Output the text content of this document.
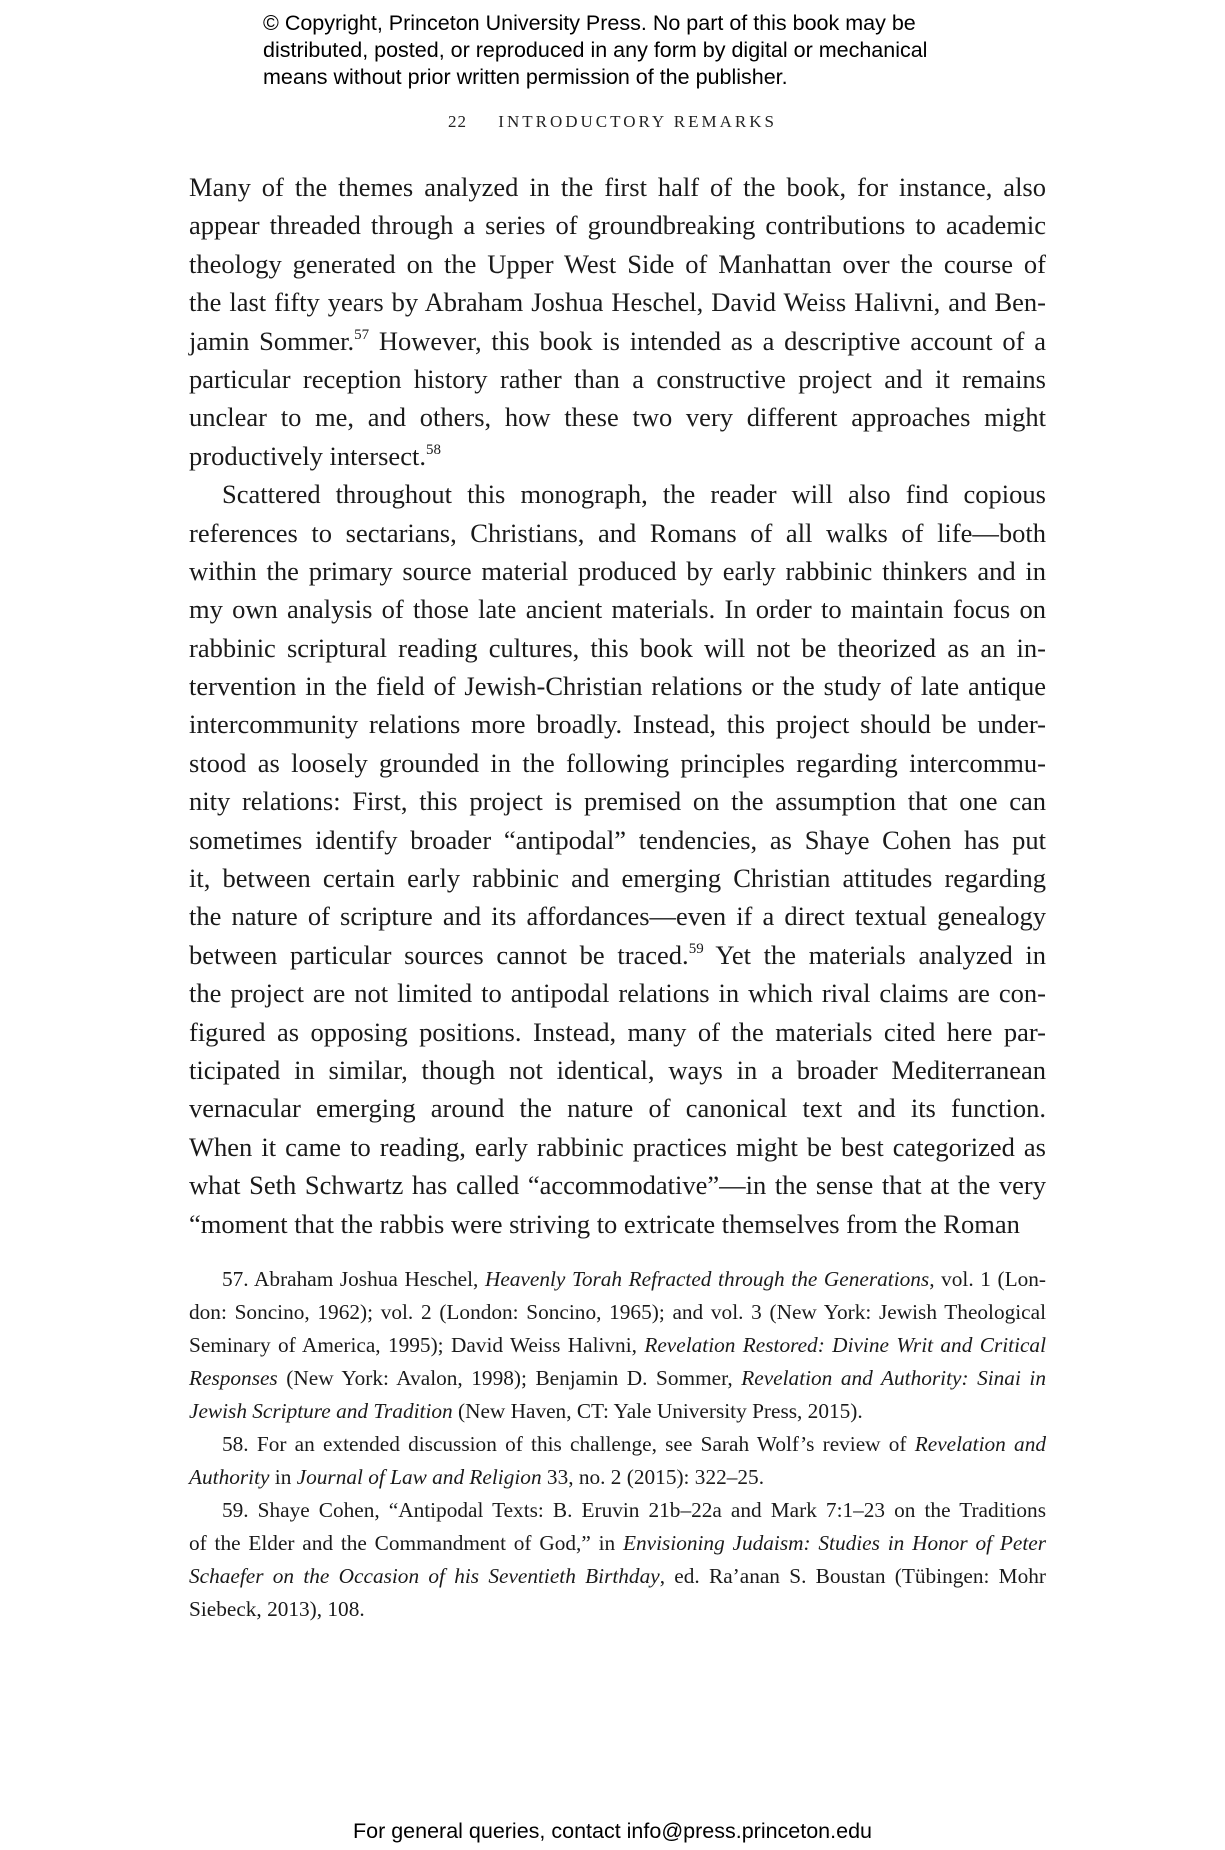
© Copyright, Princeton University Press. No part of this book may be
distributed, posted, or reproduced in any form by digital or mechanical
means without prior written permission of the publisher.
22 INTRODUCTORY REMARKS
Many of the themes analyzed in the first half of the book, for instance, also
appear threaded through a series of groundbreaking contributions to academic
theology generated on the Upper West Side of Manhattan over the course of
the last fifty years by Abraham Joshua Heschel, David Weiss Halivni, and Ben-
jamin Sommer.$^{57}$ However, this book is intended as a descriptive account of a
particular reception history rather than a constructive project and it remains
unclear to me, and others, how these two very different approaches might
productively intersect.$^{58}$
Scattered throughout this monograph, the reader will also find copious
references to sectarians, Christians, and Romans of all walks of life—both
within the primary source material produced by early rabbinic thinkers and in
my own analysis of those late ancient materials. In order to maintain focus on
rabbinic scriptural reading cultures, this book will not be theorized as an in-
tervention in the field of Jewish-Christian relations or the study of late antique
intercommunity relations more broadly. Instead, this project should be under-
stood as loosely grounded in the following principles regarding intercommu-
nity relations: First, this project is premised on the assumption that one can
sometimes identify broader “antipodal” tendencies, as Shaye Cohen has put
it, between certain early rabbinic and emerging Christian attitudes regarding
the nature of scripture and its affordances—even if a direct textual genealogy
between particular sources cannot be traced.$^{59}$ Yet the materials analyzed in
the project are not limited to antipodal relations in which rival claims are con-
figured as opposing positions. Instead, many of the materials cited here par-
ticipated in similar, though not identical, ways in a broader Mediterranean
vernacular emerging around the nature of canonical text and its function.
When it came to reading, early rabbinic practices might be best categorized as
what Seth Schwartz has called “accommodative”—in the sense that at the very
“moment that the rabbis were striving to extricate themselves from the Roman
57. Abraham Joshua Heschel, Heavenly Torah Refracted through the Generations, vol. 1 (Lon-
don: Soncino, 1962); vol. 2 (London: Soncino, 1965); and vol. 3 (New York: Jewish Theological
Seminary of America, 1995); David Weiss Halivni, Revelation Restored: Divine Writ and Critical
Responses (New York: Avalon, 1998); Benjamin D. Sommer, Revelation and Authority: Sinai in
Jewish Scripture and Tradition (New Haven, CT: Yale University Press, 2015).
58. For an extended discussion of this challenge, see Sarah Wolf’s review of Revelation and
Authority in Journal of Law and Religion 33, no. 2 (2015): 322–25.
59. Shaye Cohen, “Antipodal Texts: B. Eruvin 21b–22a and Mark 7:1–23 on the Traditions
of the Elder and the Commandment of God,” in Envisioning Judaism: Studies in Honor of Peter
Schaefer on the Occasion of his Seventieth Birthday, ed. Ra’anan S. Boustan (Tübingen: Mohr
Siebeck, 2013), 108.
For general queries, contact info@press.princeton.edu
